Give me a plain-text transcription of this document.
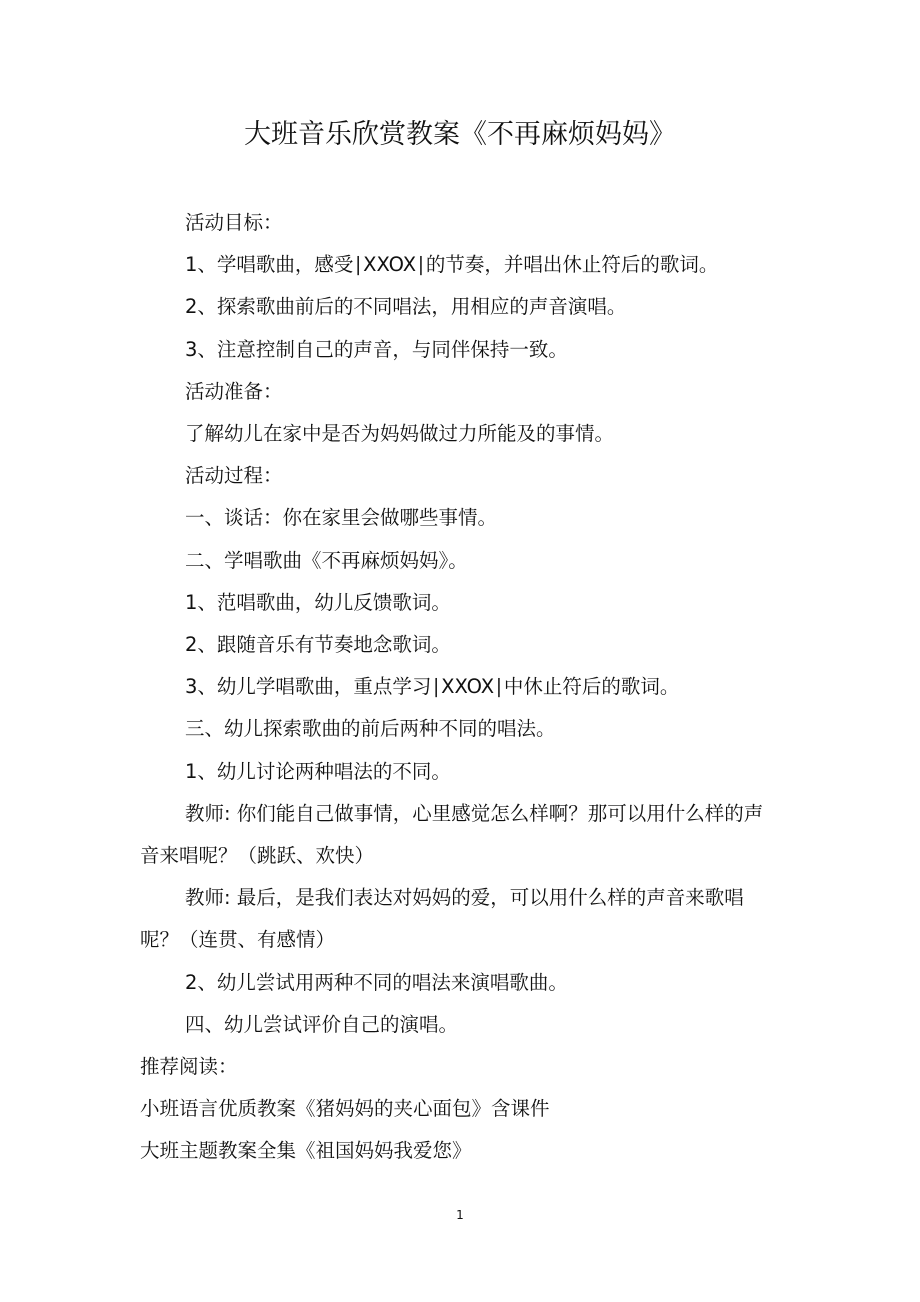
大班音乐欣赏教案《不再麻烦妈妈》

活动目标：

1、学唱歌曲，感受∣XXOX∣的节奏，并唱出休止符后的歌词。

2、探索歌曲前后的不同唱法，用相应的声音演唱。

3、注意控制自己的声音，与同伴保持一致。

活动准备：

了解幼儿在家中是否为妈妈做过力所能及的事情。

活动过程：

一、谈话：你在家里会做哪些事情。

二、学唱歌曲《不再麻烦妈妈》。

1、范唱歌曲，幼儿反馈歌词。

2、跟随音乐有节奏地念歌词。

3、幼儿学唱歌曲，重点学习∣XXOX∣中休止符后的歌词。

三、幼儿探索歌曲的前后两种不同的唱法。

1、幼儿讨论两种唱法的不同。

教师: 你们能自己做事情，心里感觉怎么样啊？那可以用什么样的声音来唱呢？（跳跃、欢快）

教师: 最后，是我们表达对妈妈的爱，可以用什么样的声音来歌唱呢？（连贯、有感情）

2、幼儿尝试用两种不同的唱法来演唱歌曲。

四、幼儿尝试评价自己的演唱。

推荐阅读：

小班语言优质教案《猪妈妈的夹心面包》含课件

大班主题教案全集《祖国妈妈我爱您》

1
